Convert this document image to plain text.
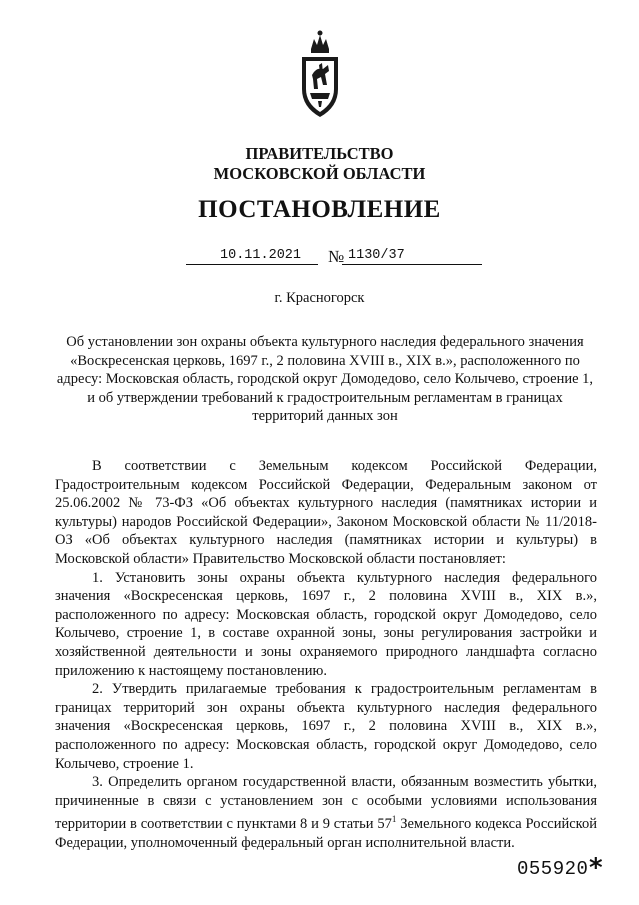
ПРАВИТЕЛЬСТВО
МОСКОВСКОЙ ОБЛАСТИ
ПОСТАНОВЛЕНИЕ
10.11.2021 № 1130/37
г. Красногорск
Об установлении зон охраны объекта культурного наследия федерального значения «Воскресенская церковь, 1697 г., 2 половина XVIII в., XIX в.», расположенного по адресу: Московская область, городской округ Домодедово, село Колычево, строение 1, и об утверждении требований к градостроительным регламентам в границах территорий данных зон

В соответствии с Земельным кодексом Российской Федерации, Градостроительным кодексом Российской Федерации, Федеральным законом от 25.06.2002 № 73-ФЗ «Об объектах культурного наследия (памятниках истории и культуры) народов Российской Федерации», Законом Московской области № 11/2018-ОЗ «Об объектах культурного наследия (памятниках истории и культуры) в Московской области» Правительство Московской области постановляет:

1. Установить зоны охраны объекта культурного наследия федерального значения «Воскресенская церковь, 1697 г., 2 половина XVIII в., XIX в.», расположенного по адресу: Московская область, городской округ Домодедово, село Колычево, строение 1, в составе охранной зоны, зоны регулирования застройки и хозяйственной деятельности и зоны охраняемого природного ландшафта согласно приложению к настоящему постановлению.

2. Утвердить прилагаемые требования к градостроительным регламентам в границах территорий зон охраны объекта культурного наследия федерального значения «Воскресенская церковь, 1697 г., 2 половина XVIII в., XIX в.», расположенного по адресу: Московская область, городской округ Домодедово, село Колычево, строение 1.

3. Определить органом государственной власти, обязанным возместить убытки, причиненные в связи с установлением зон с особыми условиями использования территории в соответствии с пунктами 8 и 9 статьи $57^1$ Земельного кодекса Российской Федерации, уполномоченный федеральный орган исполнительной власти.

055920 *
